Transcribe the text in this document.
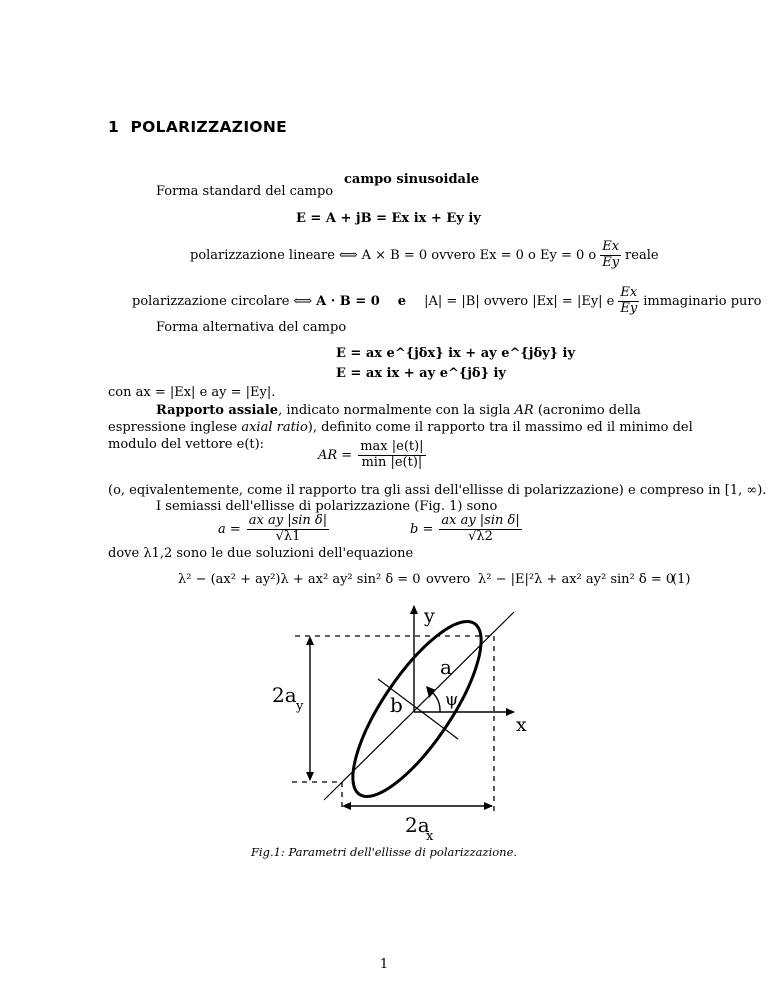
1 POLARIZZAZIONE
campo sinusoidale
Forma standard del campo
E = A + jB = Ex ix + Ey iy
polarizzazione lineare ⟺ A × B = 0 ovvero Ex = 0 o Ey = 0 o $\frac{Ex}{Ey}$ reale
polarizzazione circolare ⟺ A · B = 0 e |A| = |B| ovvero |Ex| = |Ey| e $\frac{Ex}{Ey}$ immaginario puro
Forma alternativa del campo
E = ax e^{jδx} ix + ay e^{jδy} iy
E = ax ix + ay e^{jδ} iy
con ax = |Ex| e ay = |Ey|.
Rapporto assiale, indicato normalmente con la sigla AR (acronimo della espressione inglese axial ratio), definito come il rapporto tra il massimo ed il minimo del modulo del vettore e(t):
AR = $\frac{\max |e(t)|}{\min |e(t)|}$
(o, eqivalentemente, come il rapporto tra gli assi dell'ellisse di polarizzazione) e compreso in [1, ∞).
I semiassi dell'ellisse di polarizzazione (Fig. 1) sono
$a = \frac{\text{ax ay |sin δ|}}{√\lambda 1}$	$b = \frac{\text{ax ay |sin δ|}}{√\lambda 2}$
dove λ1,2 sono le due soluzioni dell'equazione
λ² − (ax² + ay²)λ + ax² ay² sin² δ = 0 ovvero λ² − |E|²λ + ax² ay² sin² δ = 0
(1)
y
x
a
b ψ
2a y
2a
x
Fig.1: Parametri dell'ellisse di polarizzazione.
1
